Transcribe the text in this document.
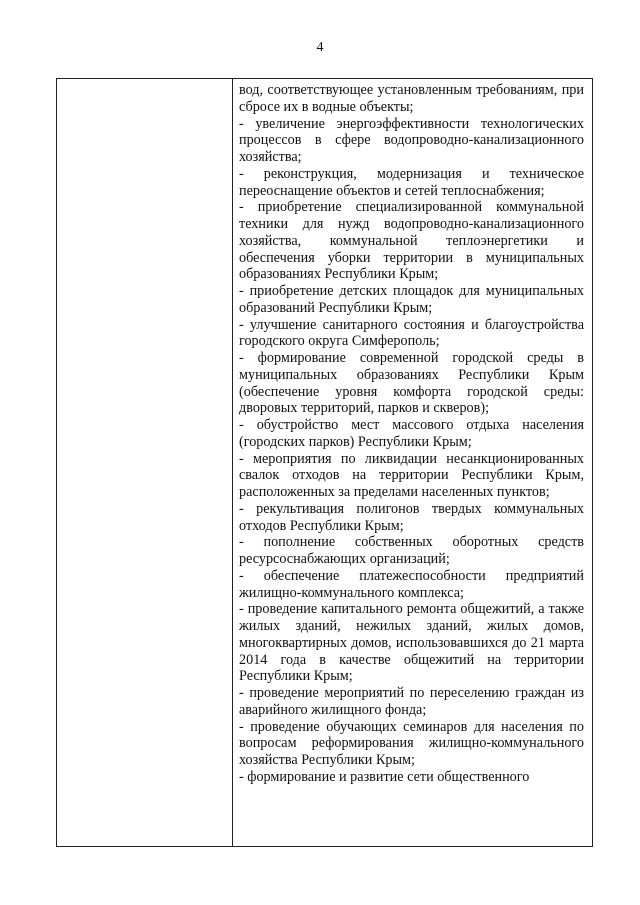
4
вод, соответствующее установленным требованиям, при сбросе их в водные объекты;
- увеличение энергоэффективности технологических процессов в сфере водопроводно-канализационного хозяйства;
- реконструкция, модернизация и техническое переоснащение объектов и сетей теплоснабжения;
- приобретение специализированной коммунальной техники для нужд водопроводно-канализационного хозяйства, коммунальной теплоэнергетики и обеспечения уборки территории в муниципальных образованиях Республики Крым;
- приобретение детских площадок для муниципальных образований Республики Крым;
- улучшение санитарного состояния и благоустройства городского округа Симферополь;
- формирование современной городской среды в муниципальных образованиях Республики Крым (обеспечение уровня комфорта городской среды: дворовых территорий, парков и скверов);
- обустройство мест массового отдыха населения (городских парков) Республики Крым;
- мероприятия по ликвидации несанкционированных свалок отходов на территории Республики Крым, расположенных за пределами населенных пунктов;
- рекультивация полигонов твердых коммунальных отходов Республики Крым;
- пополнение собственных оборотных средств ресурсоснабжающих организаций;
- обеспечение платежеспособности предприятий жилищно-коммунального комплекса;
- проведение капитального ремонта общежитий, а также жилых зданий, нежилых зданий, жилых домов, многоквартирных домов, использовавшихся до 21 марта 2014 года в качестве общежитий на территории Республики Крым;
- проведение мероприятий по переселению граждан из аварийного жилищного фонда;
- проведение обучающих семинаров для населения по вопросам реформирования жилищно-коммунального хозяйства Республики Крым;
- формирование и развитие сети общественного
